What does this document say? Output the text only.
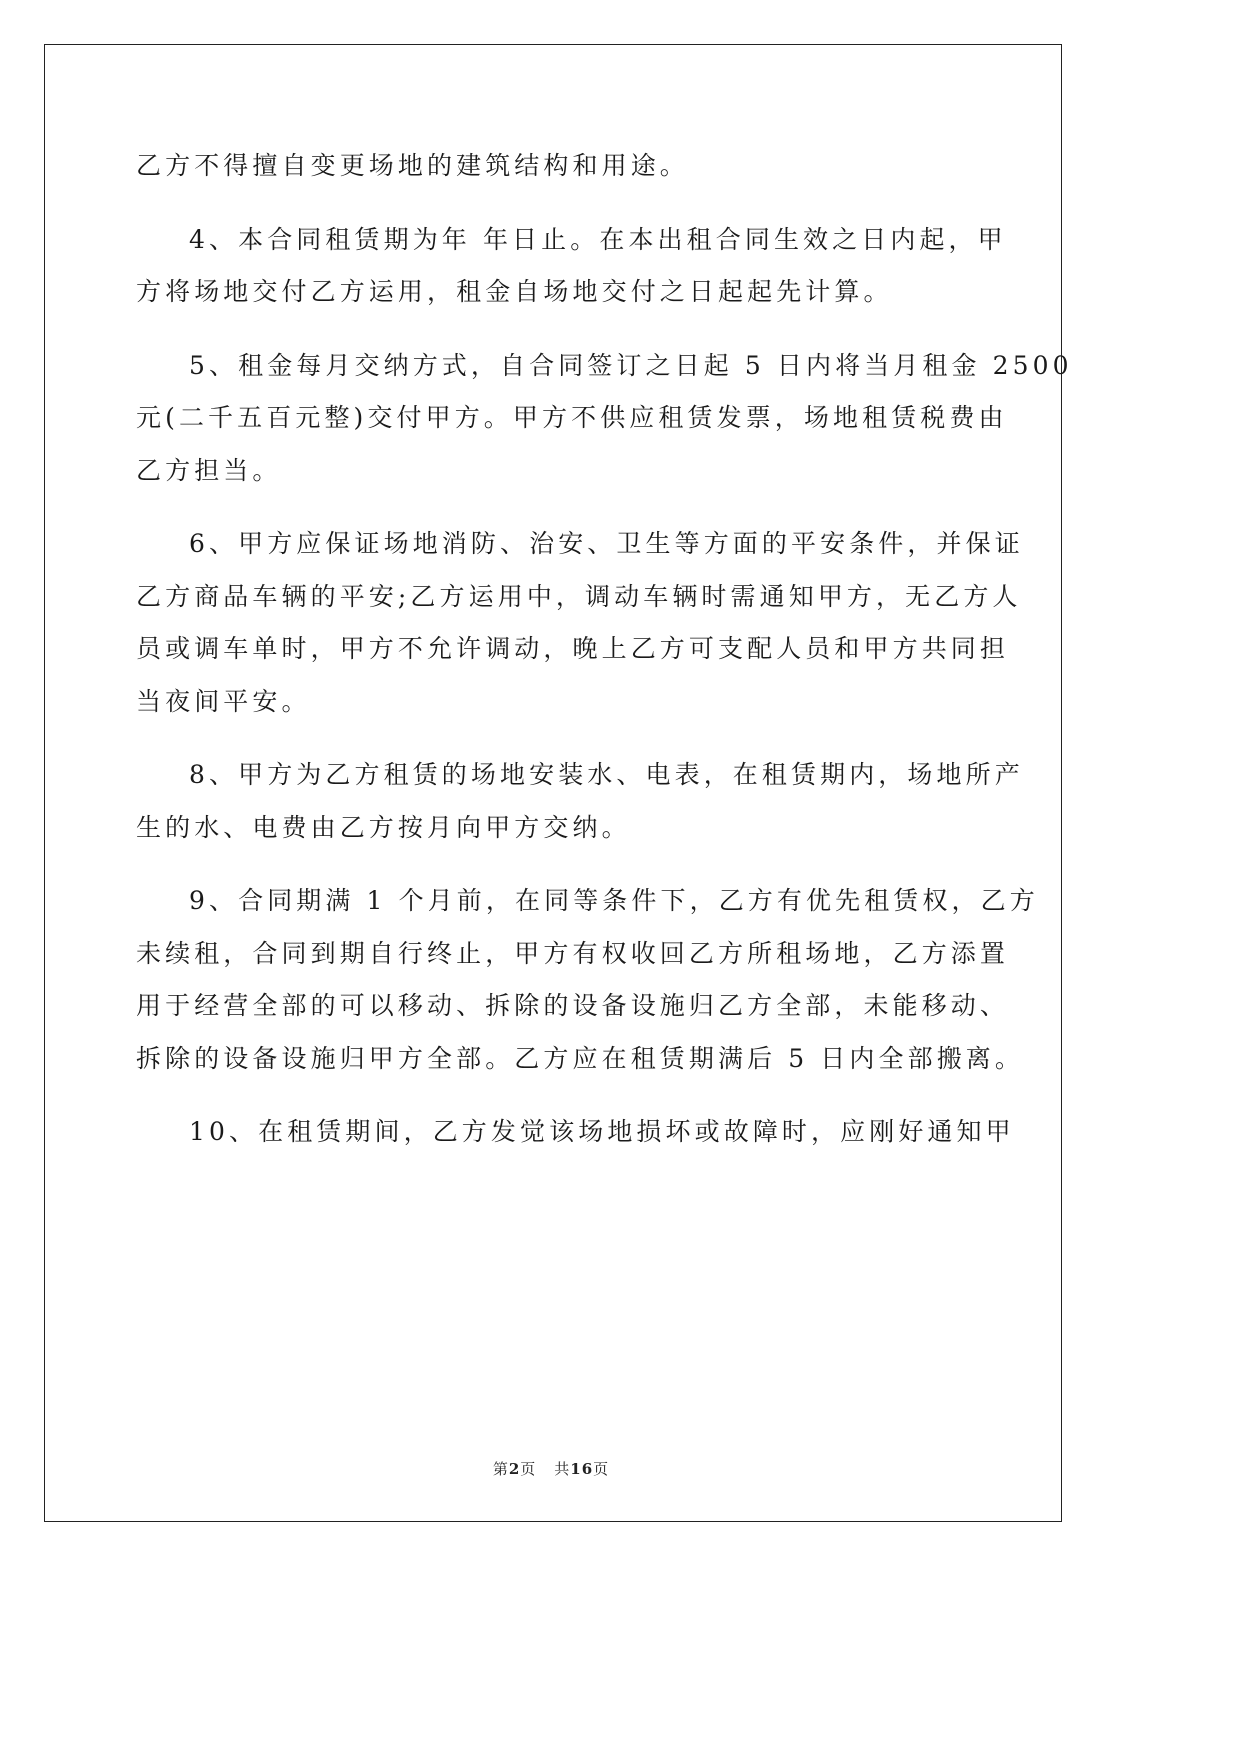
乙方不得擅自变更场地的建筑结构和用途。
4、本合同租赁期为年 年日止。在本出租合同生效之日内起，甲
方将场地交付乙方运用，租金自场地交付之日起起先计算。
5、租金每月交纳方式，自合同签订之日起 5 日内将当月租金 2500
元(二千五百元整)交付甲方。甲方不供应租赁发票，场地租赁税费由
乙方担当。
6、甲方应保证场地消防、治安、卫生等方面的平安条件，并保证
乙方商品车辆的平安;乙方运用中，调动车辆时需通知甲方，无乙方人
员或调车单时，甲方不允许调动，晚上乙方可支配人员和甲方共同担
当夜间平安。
8、甲方为乙方租赁的场地安装水、电表，在租赁期内，场地所产
生的水、电费由乙方按月向甲方交纳。
9、合同期满 1 个月前，在同等条件下，乙方有优先租赁权，乙方
未续租，合同到期自行终止，甲方有权收回乙方所租场地，乙方添置
用于经营全部的可以移动、拆除的设备设施归乙方全部，未能移动、
拆除的设备设施归甲方全部。乙方应在租赁期满后 5 日内全部搬离。
10、在租赁期间，乙方发觉该场地损坏或故障时，应刚好通知甲
第2页 共16页
